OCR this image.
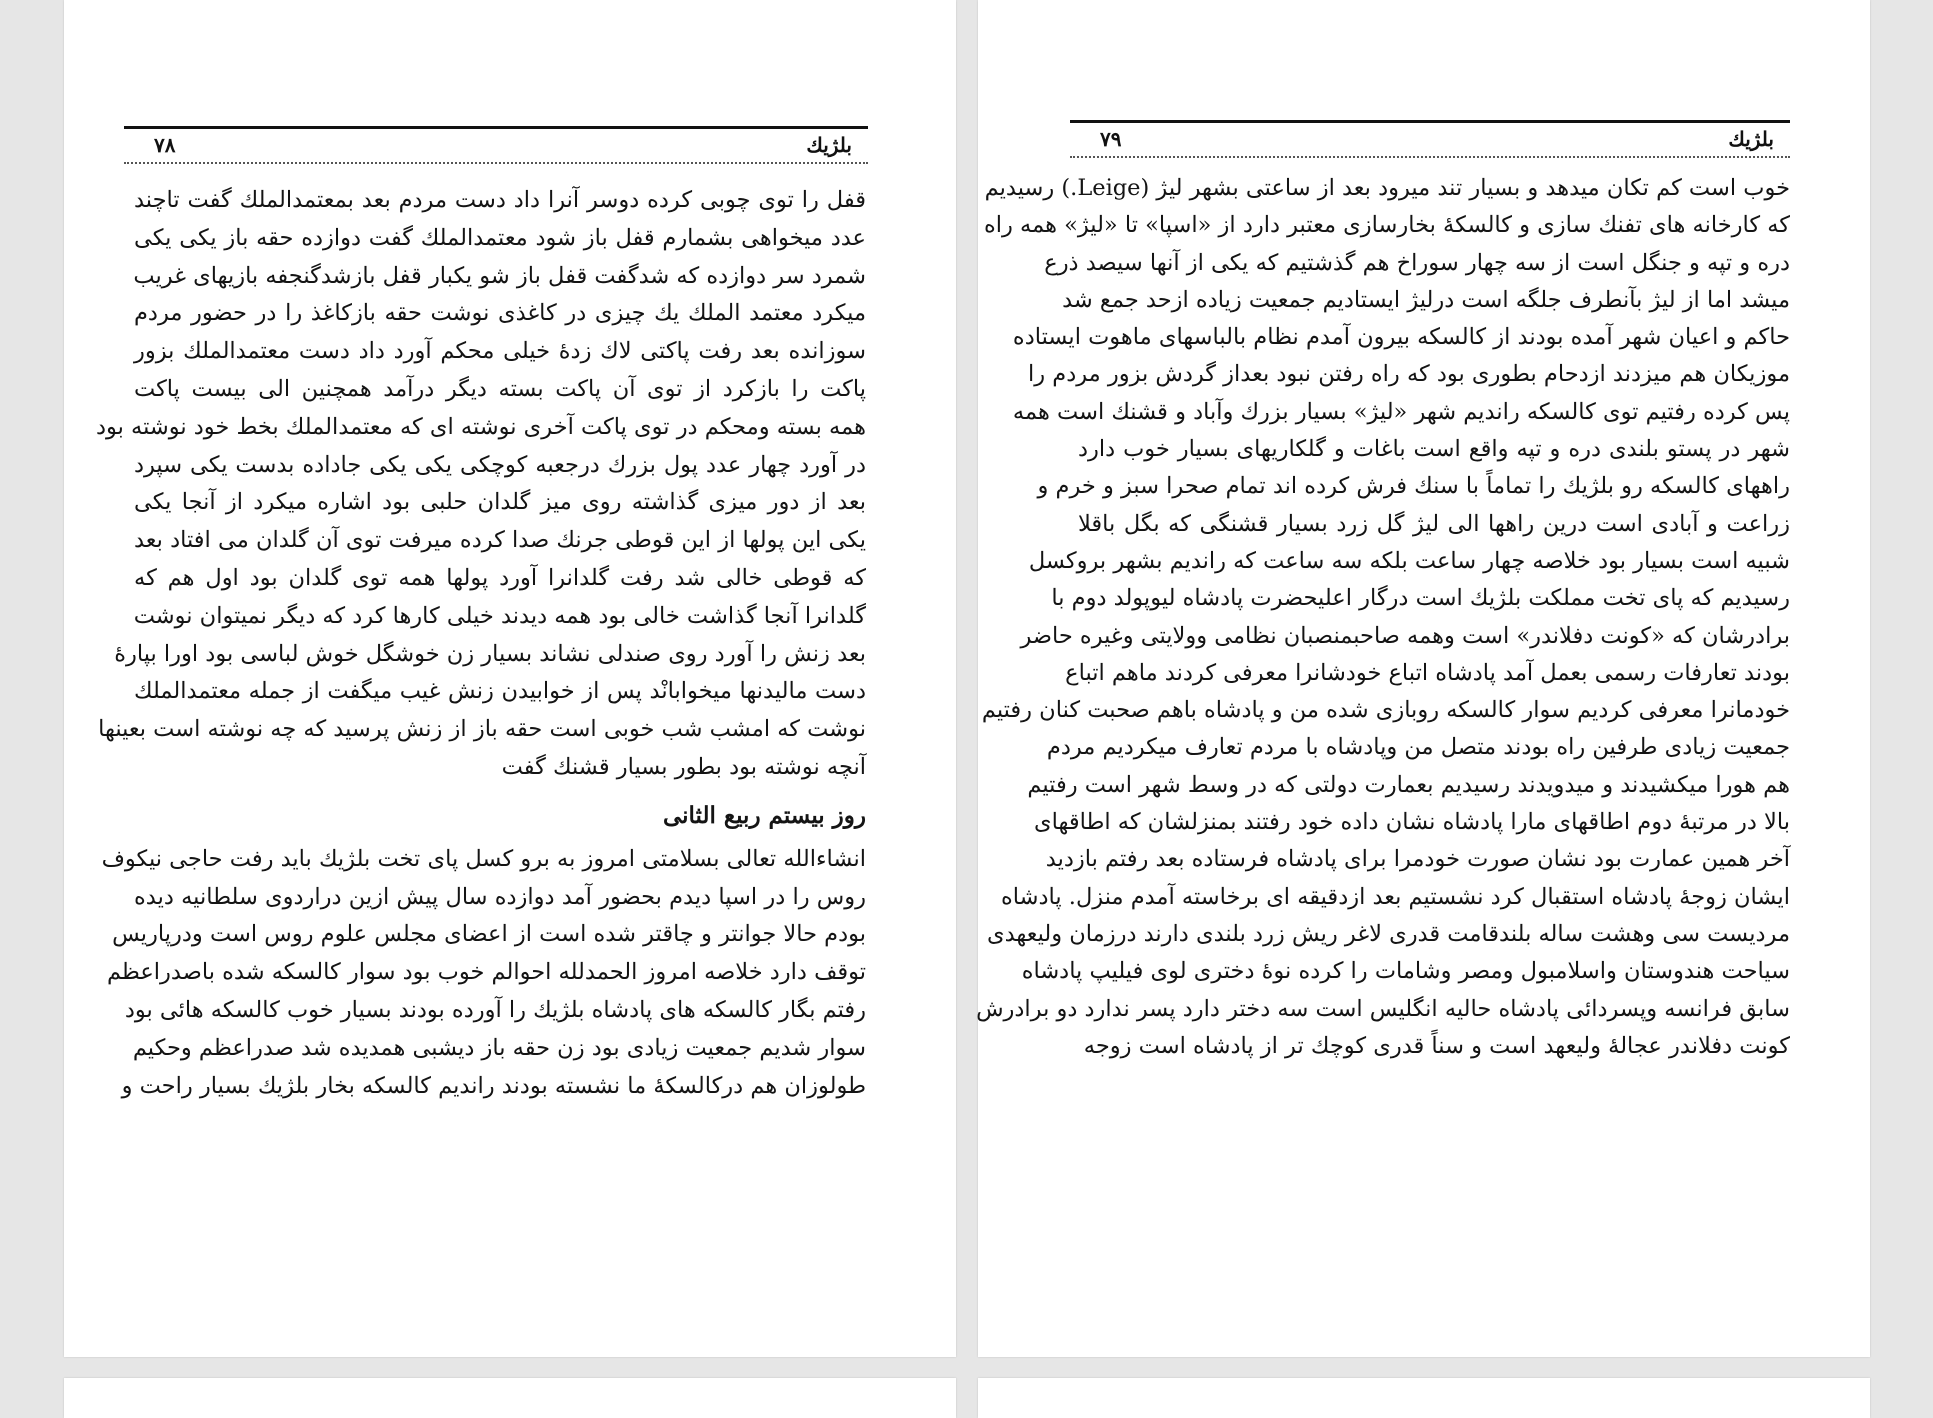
بلژیك
۷۸
قفل را توی چوبی کرده دوسر آنرا داد دست مردم بعد بمعتمدالملك گفت تاچند
عدد میخواهی بشمارم قفل باز شود معتمدالملك گفت دوازده حقه باز یکی یکی
شمرد سر دوازده که شدگفت قفل باز شو یکبار قفل بازشدگنجفه بازیهای غریب
میکرد معتمد الملك یك چیزی در کاغذی نوشت حقه بازکاغذ را در حضور مردم
سوزانده بعد رفت پاکتی لاك زدهٔ خیلی محکم آورد داد دست معتمدالملك بزور
پاکت را بازکرد از توی آن پاکت بسته دیگر درآمد همچنین الی بیست پاکت
همه بسته ومحکم در توی پاکت آخری نوشته ای که معتمدالملك بخط خود نوشته بود
در آورد چهار عدد پول بزرك درجعبه کوچکی یکی یکی جاداده بدست یکی سپرد
بعد از دور میزی گذاشته روی میز گلدان حلبی بود اشاره میکرد از آنجا یکی
یکی این پولها از این قوطی جرنك صدا کرده میرفت توی آن گلدان می افتاد بعد
که قوطی خالی شد رفت گلدانرا آورد پولها همه توی گلدان بود اول هم که
گلدانرا آنجا گذاشت خالی بود همه دیدند خیلی کارها کرد که دیگر نمیتوان نوشت
بعد زنش را آورد روی صندلی نشاند بسیار زن خوشگل خوش لباسی بود اورا بپارهٔ
دست مالیدنها میخوابانْد پس از خوابیدن زنش غیب میگفت از جمله معتمدالملك
نوشت که امشب شب خوبی است حقه باز از زنش پرسید که چه نوشته است بعینها
آنچه نوشته بود بطور بسیار قشنك گفت
روز بیستم ربیع الثانی
انشاءالله تعالی بسلامتی امروز به برو کسل پای تخت بلژیك باید رفت حاجی نیکوف
روس را در اسپا دیدم بحضور آمد دوازده سال پیش ازین دراردوی سلطانیه دیده
بودم حالا جوانتر و چاقتر شده است از اعضای مجلس علوم روس است ودرپاریس
توقف دارد خلاصه امروز الحمدلله احوالم خوب بود سوار کالسکه شده باصدراعظم
رفتم بگار کالسکه های پادشاه بلژیك را آورده بودند بسیار خوب کالسکه هائی بود
سوار شدیم جمعیت زیادی بود زن حقه باز دیشبی همدیده شد صدراعظم وحکیم
طولوزان هم درکالسکهٔ ما نشسته بودند راندیم کالسکه بخار بلژیك بسیار راحت و
بلژیك
۷۹
خوب است کم تکان میدهد و بسیار تند میرود بعد از ساعتی بشهر لیژ (Leige.) رسیدیم
که کارخانه های تفنك سازی و کالسکهٔ بخارسازی معتبر دارد از «اسپا» تا «لیژ» همه راه
دره و تپه و جنگل است از سه چهار سوراخ هم گذشتیم که یکی از آنها سیصد ذرع
میشد اما از لیژ بآنطرف جلگه است درلیژ ایستادیم جمعیت زیاده ازحد جمع شد
حاکم و اعیان شهر آمده بودند از کالسکه بیرون آمدم نظام بالباسهای ماهوت ایستاده
موزیکان هم میزدند ازدحام بطوری بود که راه رفتن نبود بعداز گردش بزور مردم را
پس کرده رفتیم توی کالسکه راندیم شهر «لیژ» بسیار بزرك وآباد و قشنك است همه
شهر در پستو بلندی دره و تپه واقع است باغات و گلکاریهای بسیار خوب دارد
راههای کالسکه رو بلژیك را تماماً با سنك فرش کرده اند تمام صحرا سبز و خرم و
زراعت و آبادی است درین راهها الی لیژ گل زرد بسیار قشنگی که بگل باقلا
شبیه است بسیار بود خلاصه چهار ساعت بلکه سه ساعت که راندیم بشهر بروکسل
رسیدیم که پای تخت مملکت بلژیك است درگار اعلیحضرت پادشاه لیوپولد دوم با
برادرشان که «کونت دفلاندر» است وهمه صاحبمنصبان نظامی وولایتی وغیره حاضر
بودند تعارفات رسمی بعمل آمد پادشاه اتباع خودشانرا معرفی کردند ماهم اتباع
خودمانرا معرفی کردیم سوار کالسکه روبازی شده من و پادشاه باهم صحبت کنان رفتیم
جمعیت زیادی طرفین راه بودند متصل من وپادشاه با مردم تعارف میکردیم مردم
هم هورا میکشیدند و میدویدند رسیدیم بعمارت دولتی که در وسط شهر است رفتیم
بالا در مرتبهٔ دوم اطاقهای مارا پادشاه نشان داده خود رفتند بمنزلشان که اطاقهای
آخر همین عمارت بود نشان صورت خودمرا برای پادشاه فرستاده بعد رفتم بازدید
ایشان زوجهٔ پادشاه استقبال کرد نشستیم بعد ازدقیقه ای برخاسته آمدم منزل. پادشاه
مردیست سی وهشت ساله بلندقامت قدری لاغر ریش زرد بلندی دارند درزمان ولیعهدی
سیاحت هندوستان واسلامبول ومصر وشامات را کرده نوهٔ دختری لوی فیلیپ پادشاه
سابق فرانسه وپسردائی پادشاه حالیه انگلیس است سه دختر دارد پسر ندارد دو برادرش
کونت دفلاندر عجالهٔ ولیعهد است و سناً قدری کوچك تر از پادشاه است زوجه
